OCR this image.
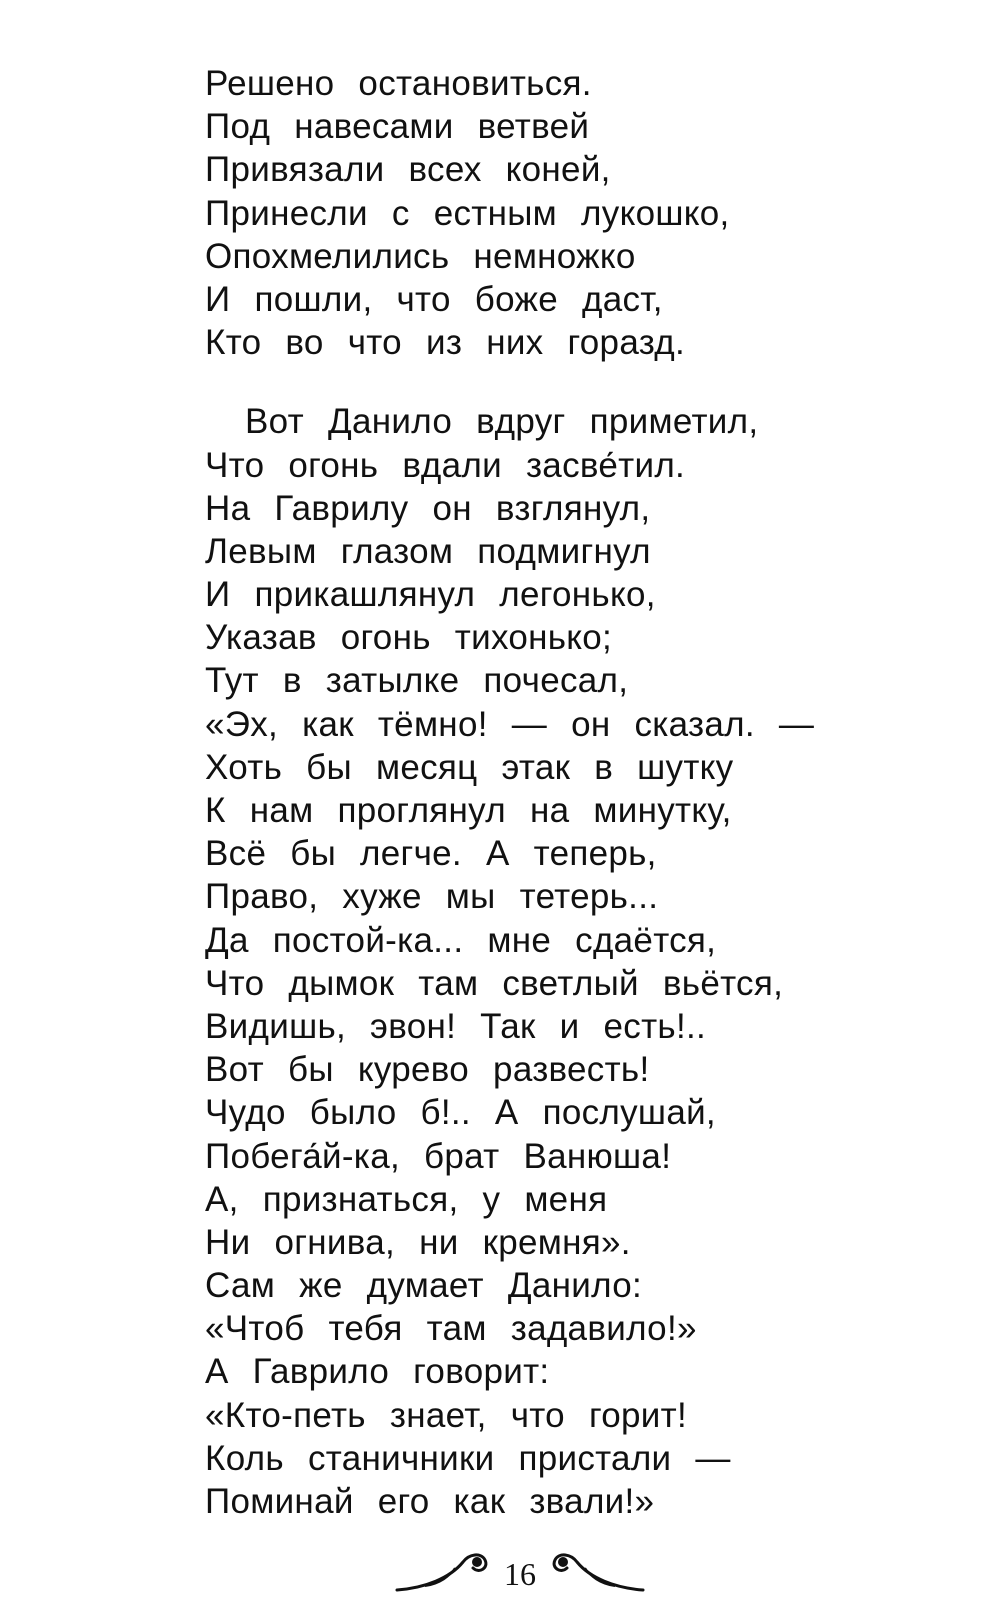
Решено остановиться.
Под навесами ветвей
Привязали всех коней,
Принесли с естным лукошко,
Опохмелились немножко
И пошли, что боже даст,
Кто во что из них горазд.
Вот Данило вдруг приметил,
Что огонь вдали засве́тил.
На Гаврилу он взглянул,
Левым глазом подмигнул
И прикашлянул легонько,
Указав огонь тихонько;
Тут в затылке почесал,
«Эх, как тёмно! — он сказал. —
Хоть бы месяц этак в шутку
К нам проглянул на минутку,
Всё бы легче. А теперь,
Право, хуже мы тетерь...
Да постой-ка... мне сдаётся,
Что дымок там светлый вьётся,
Видишь, эвон! Так и есть!..
Вот бы курево развесть!
Чудо было б!.. А послушай,
Побега́й-ка, брат Ванюша!
А, признаться, у меня
Ни огнива, ни кремня».
Сам же думает Данило:
«Чтоб тебя там задавило!»
А Гаврило говорит:
«Кто-петь знает, что горит!
Коль станичники пристали —
Поминай его как звали!»
16
